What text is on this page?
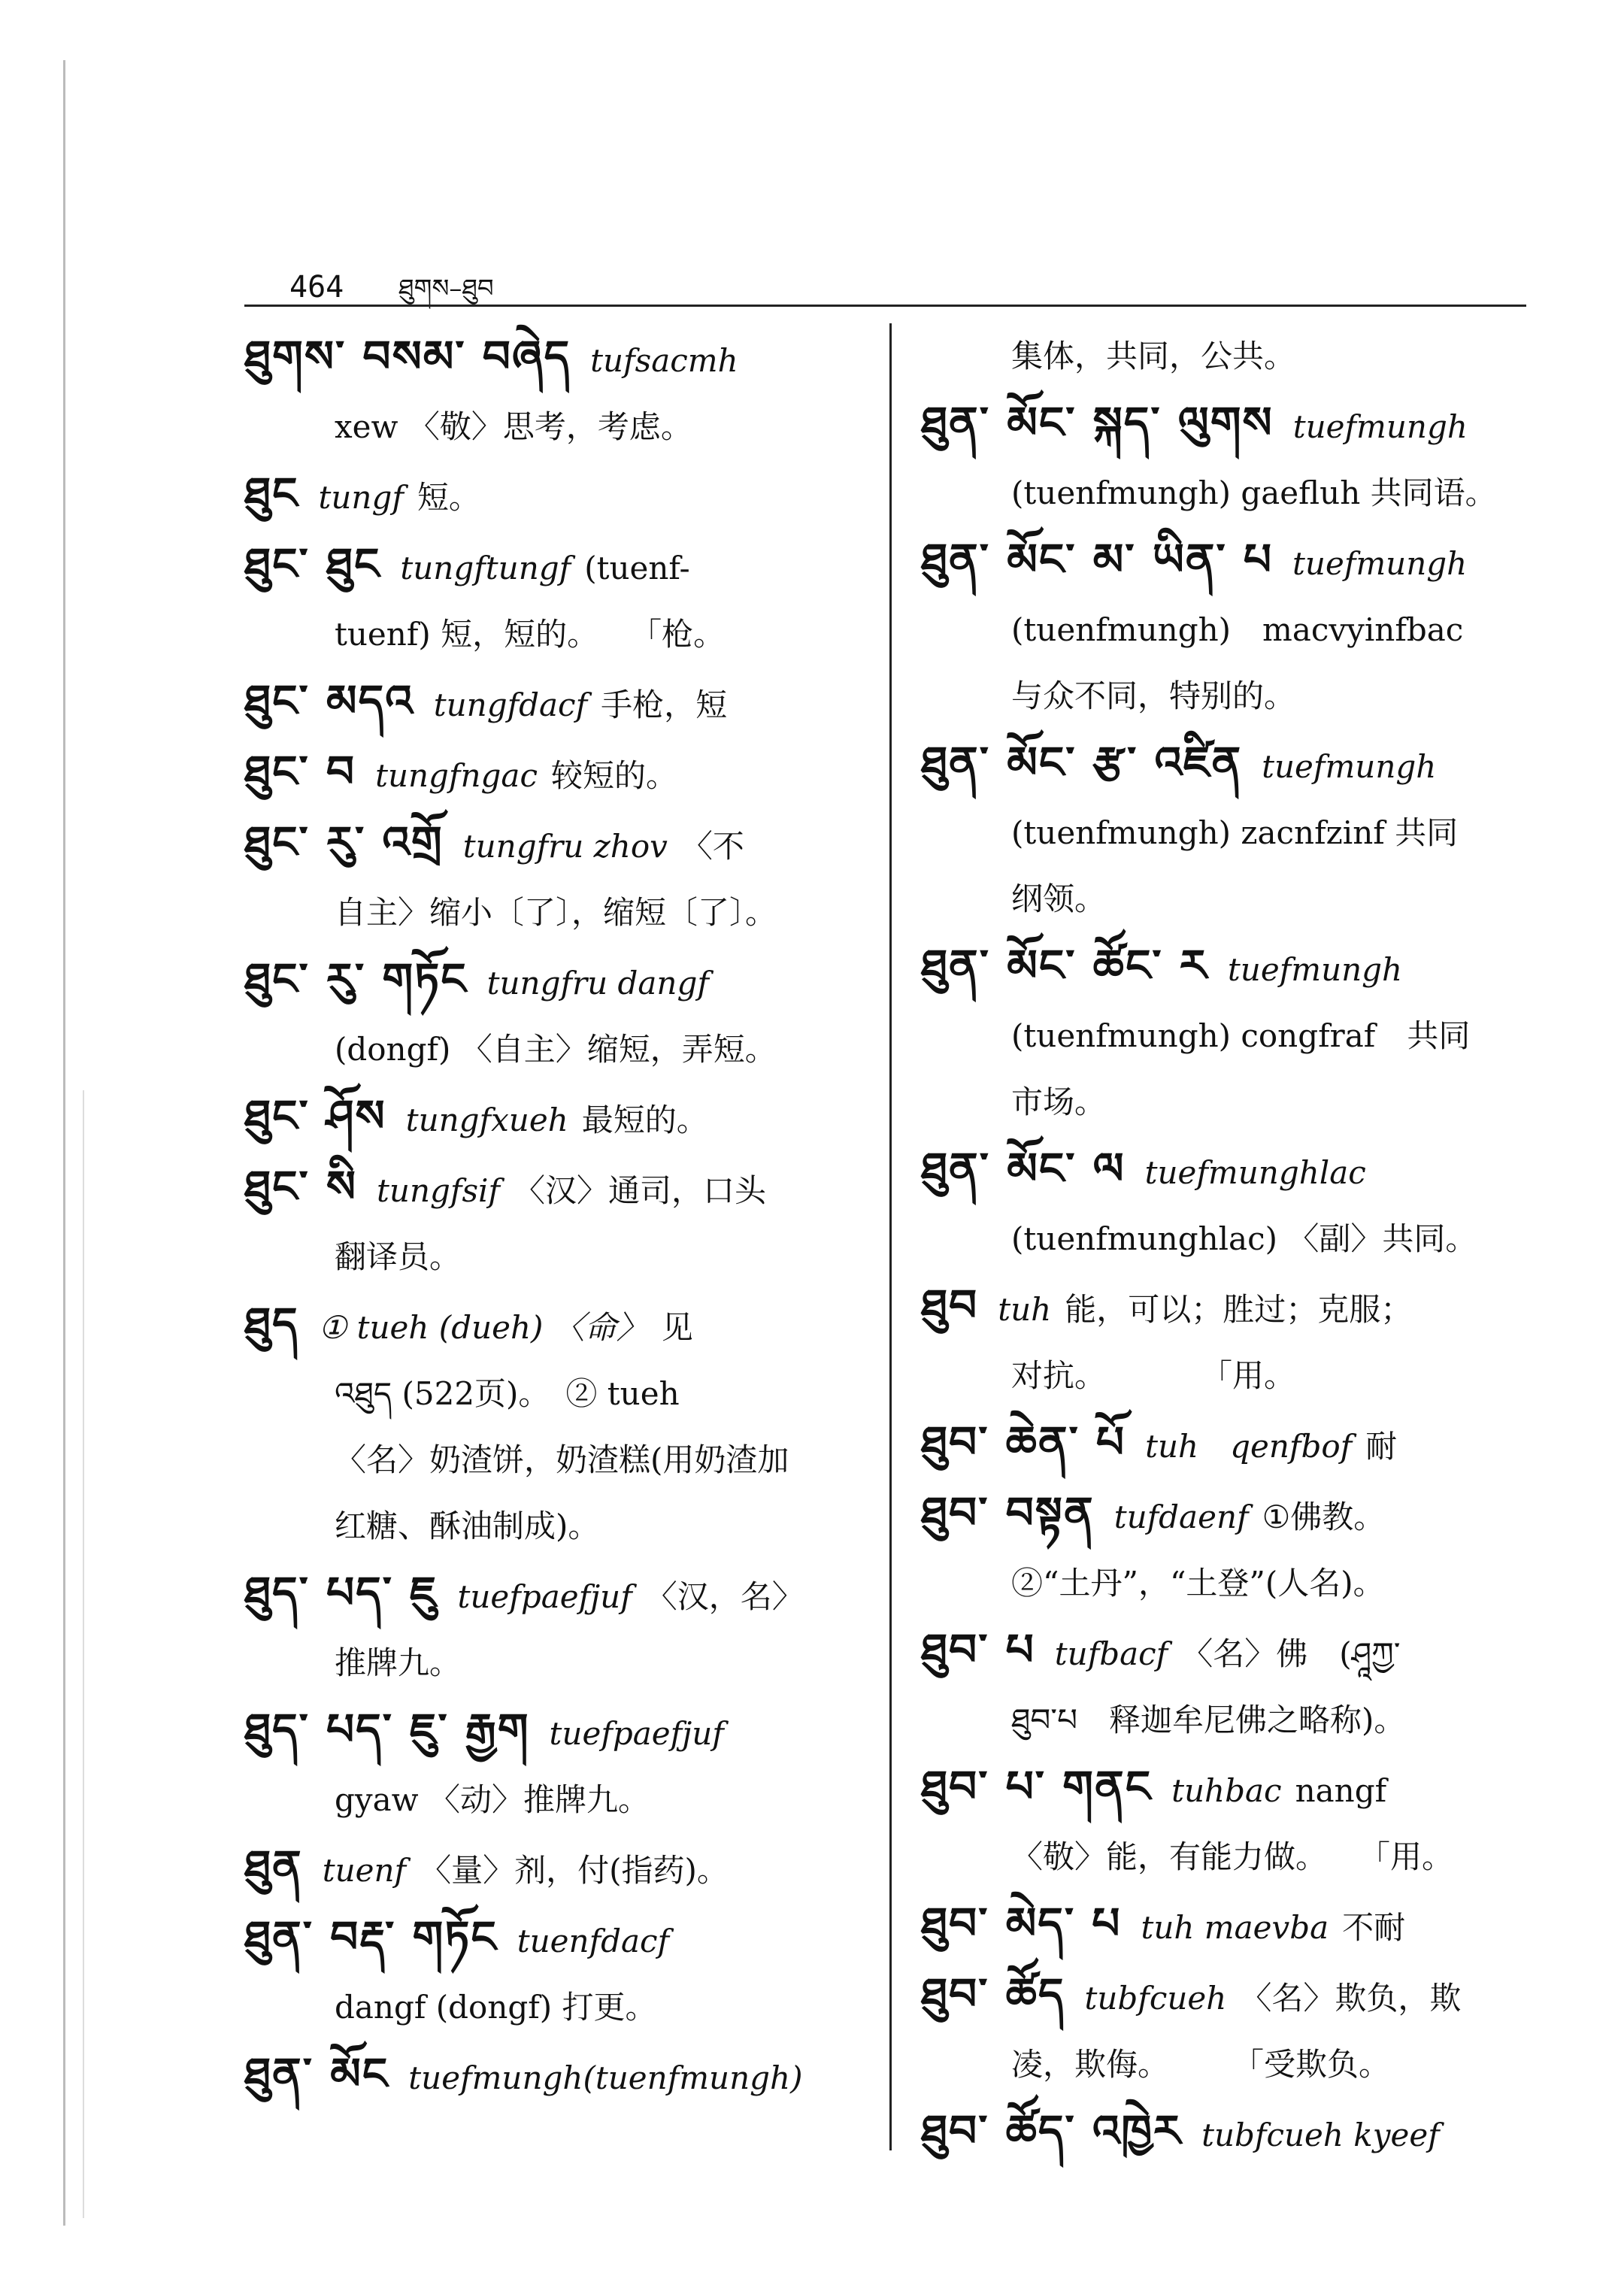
464 ཐུགས–ཐུབ
ཐུགས་ བསམ་ བཞེད tufsacmh
xew 〈敬〉思考，考虑。
ཐུང tungf 短。
ཐུང་ ཐུང tungftungf (tuenf-
tuenf) 短，短的。　　「枪。
ཐུང་ མདའ tungfdacf 手枪，短
ཐུང་ བ tungfngac 较短的。
ཐུང་ རུ་ འགྲོ tungfru zhov 〈不
自主〉缩小〔了〕，缩短〔了〕。
ཐུང་ རུ་ གཏོང tungfru dangf
(dongf) 〈自主〉缩短，弄短。
ཐུང་ ཤོས tungfxueh 最短的。
ཐུང་ སི tungfsif 〈汉〉通司，口头
翻译员。
ཐུད ① tueh (dueh) 〈命〉 见
འཐུད (522页)。　② tueh
〈名〉奶渣饼，奶渣糕(用奶渣加
红糖、酥油制成)。
ཐུད་ པད་ ཇུ tuefpaefjuf 〈汉，名〉
推牌九。
ཐུད་ པད་ ཇུ་ རྒྱག tuefpaefjuf
gyaw 〈动〉推牌九。
ཐུན tuenf 〈量〉剂，付(指药)。
ཐུན་ བརྡ་ གཏོང tuenfdacf
dangf (dongf) 打更。
ཐུན་ མོང tuefmungh(tuenfmungh)
集体，共同，公共。
ཐུན་ མོང་ སྐད་ ལུགས tuefmungh
(tuenfmungh) gaefluh 共同语。
ཐུན་ མོང་ མ་ ཡིན་ པ tuefmungh
(tuenfmungh)　macvyinfbac
与众不同，特别的。
ཐུན་ མོང་ རྩ་ འཛིན tuefmungh
(tuenfmungh) zacnfzinf 共同
纲领。
ཐུན་ མོང་ ཚོང་ ར tuefmungh
(tuenfmungh) congfraf　共同
市场。
ཐུན་ མོང་ ལ tuefmunghlac
(tuenfmunghlac) 〈副〉共同。
ཐུབ tuh 能，可以；胜过；克服；
对抗。　　　　「用。
ཐུབ་ ཆེན་ པོ tuh　qenfbof 耐
ཐུབ་ བསྟན tufdaenf ①佛教。
②“土丹”，“土登”(人名)。
ཐུབ་ པ tufbacf 〈名〉佛　(ཤཱཀྱ་
ཐུབ་པ　释迦牟尼佛之略称)。
ཐུབ་ པ་ གནང tuhbac nangf
〈敬〉能，有能力做。　　「用。
ཐུབ་ མེད་ པ tuh maevba 不耐
ཐུབ་ ཚོད tubfcueh 〈名〉欺负，欺
凌，欺侮。　　　「受欺负。
ཐུབ་ ཚོད་ འཁྱེར tubfcueh kyeef
